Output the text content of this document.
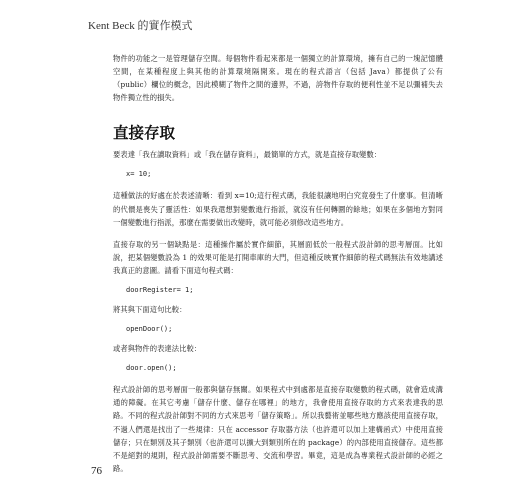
Kent Beck 的實作模式

物件的功能之一是管理儲存空間。每個物件看起來都是一個獨立的計算環境，擁有自己的一塊記憶體空間，在某種程度上與其他的計算環境隔開來。現在的程式語言（包括 Java）都提供了公有（public）欄位的概念，因此模糊了物件之間的邊界，不過，誇物件存取的便利性並不足以彌補失去物件獨立性的損失。

直接存取

要表達「我在讀取資料」或「我在儲存資料」，最簡單的方式，就是直接存取變數：

x= 10;

這種做法的好處在於表述清晰：看到 x=10;這行程式碼，我能很讓地明白究竟發生了什麼事。但清晰的代價是喪失了靈活性：如果我還想對變數進行指派，就沒有任何轉圜的餘地；如果在多個地方對同一個變數進行指派，那麼在需要做出改變時，就可能必須修改這些地方。

直接存取的另一個缺點是：這種操作屬於實作細節，其層面低於一般程式設計師的思考層面。比如說，把某個變數設為 1 的效果可能是打開車庫的大門，但這種反映實作細節的程式碼無法有效地講述我真正的意圖。請看下面這句程式碼：

doorRegister= 1;

將其與下面這句比較：

openDoor();

或者與物件的表達法比較：

door.open();

程式設計師的思考層面一般都與儲存無關。如果程式中到處都是直接存取變數的程式碼，就會造成溝通的障礙。在其它考慮「儲存什麼、儲存在哪裡」的地方，我會使用直接存取的方式來表達我的思路。不同的程式設計師對不同的方式來思考「儲存策略」。所以我藝術並哪些地方應該使用直接存取，不過人們還是找出了一些規律：只在 accessor 存取器方法（也許還可以加上建構函式）中使用直接儲存；只在類別及其子類別（也許還可以擴大到類別所在的 package）的內部使用直接儲存。這些都不是絕對的規則，程式設計師需要不斷思考、交流和學習。畢竟，這是成為專業程式設計師的必經之路。

76
